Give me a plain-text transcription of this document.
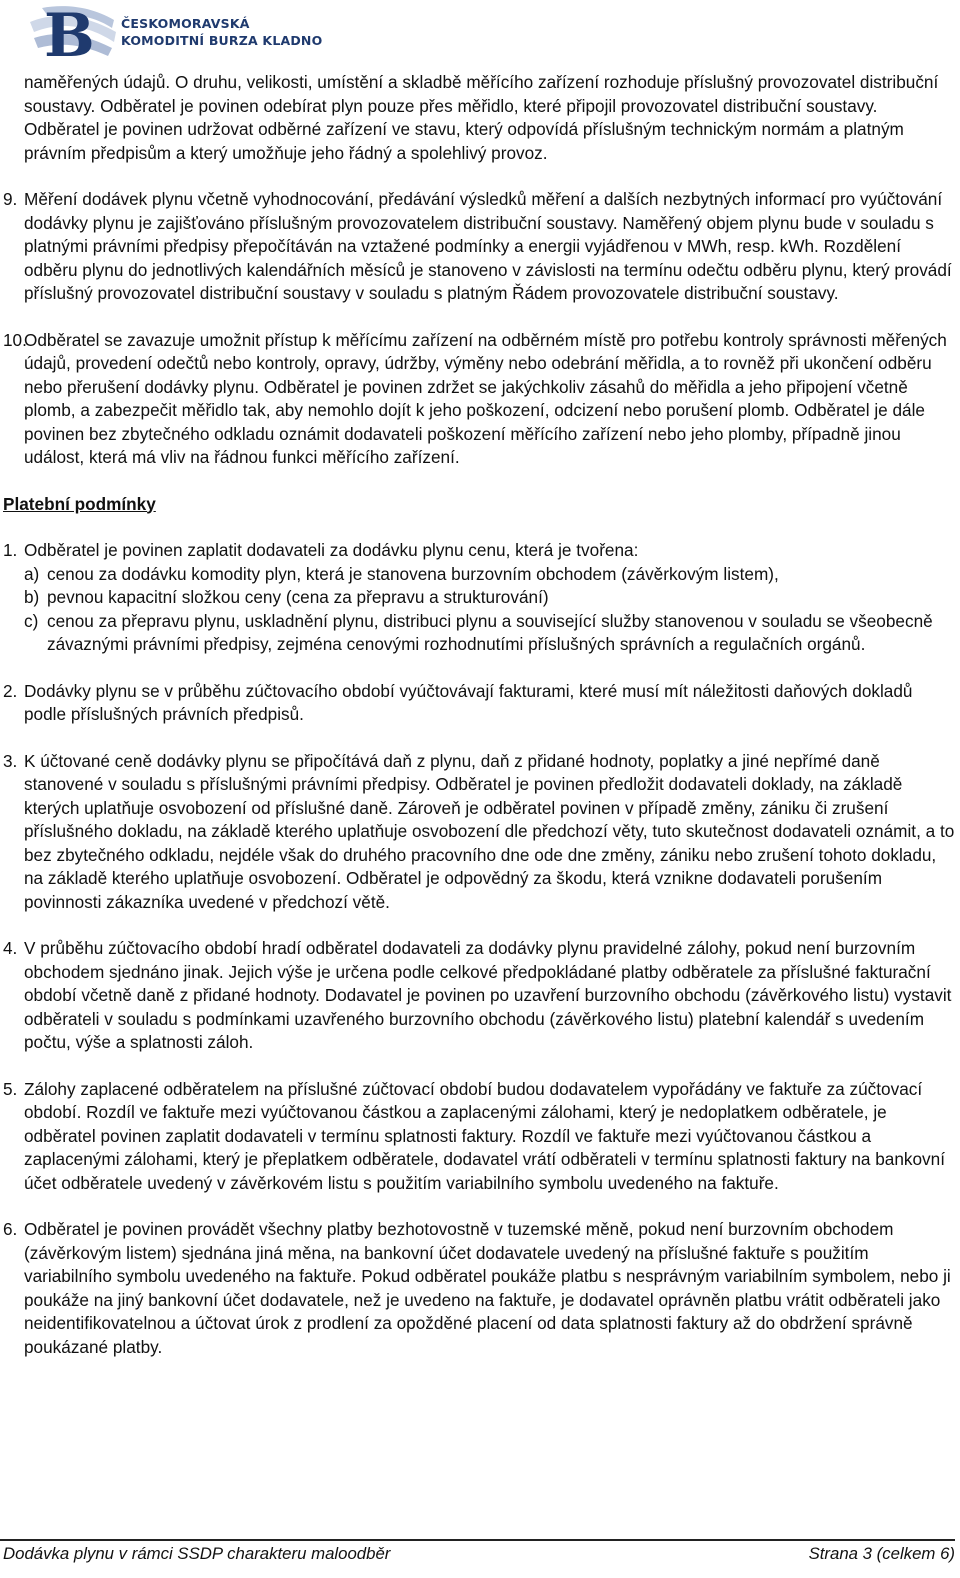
B ČESKOMORAVSKÁ
KOMODITNÍ BURZA KLADNO
naměřených údajů. O druhu, velikosti, umístění a skladbě měřícího zařízení rozhoduje příslušný provozovatel distribuční soustavy. Odběratel je povinen odebírat plyn pouze přes měřidlo, které připojil provozovatel distribuční soustavy. Odběratel je povinen udržovat odběrné zařízení ve stavu, který odpovídá příslušným technickým normám a platným právním předpisům a který umožňuje jeho řádný a spolehlivý provoz.
9. Měření dodávek plynu včetně vyhodnocování, předávání výsledků měření a dalších nezbytných informací pro vyúčtování dodávky plynu je zajišťováno příslušným provozovatelem distribuční soustavy. Naměřený objem plynu bude v souladu s platnými právními předpisy přepočítáván na vztažené podmínky a energii vyjádřenou v MWh, resp. kWh. Rozdělení odběru plynu do jednotlivých kalendářních měsíců je stanoveno v závislosti na termínu odečtu odběru plynu, který provádí příslušný provozovatel distribuční soustavy v souladu s platným Řádem provozovatele distribuční soustavy.
10.
Odběratel se zavazuje umožnit přístup k měřícímu zařízení na odběrném místě pro potřebu kontroly správnosti měřených údajů, provedení odečtů nebo kontroly, opravy, údržby, výměny nebo odebrání měřidla, a to rovněž při ukončení odběru nebo přerušení dodávky plynu. Odběratel je povinen zdržet se jakýchkoliv zásahů do měřidla a jeho připojení včetně plomb, a zabezpečit měřidlo tak, aby nemohlo dojít k jeho poškození, odcizení nebo porušení plomb. Odběratel je dále povinen bez zbytečného odkladu oznámit dodavateli poškození měřícího zařízení nebo jeho plomby, případně jinou událost, která má vliv na řádnou funkci měřícího zařízení.
Platební podmínky
1. Odběratel je povinen zaplatit dodavateli za dodávku plynu cenu, která je tvořena:
a) cenou za dodávku komodity plyn, která je stanovena burzovním obchodem (závěrkovým listem),
b) pevnou kapacitní složkou ceny (cena za přepravu a strukturování)
c) cenou za přepravu plynu, uskladnění plynu, distribuci plynu a související služby stanovenou v souladu se všeobecně závaznými právními předpisy, zejména cenovými rozhodnutími příslušných správních a regulačních orgánů.
2. Dodávky plynu se v průběhu zúčtovacího období vyúčtovávají fakturami, které musí mít náležitosti daňových dokladů podle příslušných právních předpisů.
3. K účtované ceně dodávky plynu se připočítává daň z plynu, daň z přidané hodnoty, poplatky a jiné nepřímé daně stanovené v souladu s příslušnými právními předpisy. Odběratel je povinen předložit dodavateli doklady, na základě kterých uplatňuje osvobození od příslušné daně. Zároveň je odběratel povinen v případě změny, zániku či zrušení příslušného dokladu, na základě kterého uplatňuje osvobození dle předchozí věty, tuto skutečnost dodavateli oznámit, a to bez zbytečného odkladu, nejdéle však do druhého pracovního dne ode dne změny, zániku nebo zrušení tohoto dokladu, na základě kterého uplatňuje osvobození. Odběratel je odpovědný za škodu, která vznikne dodavateli porušením povinnosti zákazníka uvedené v předchozí větě.
4. V průběhu zúčtovacího období hradí odběratel dodavateli za dodávky plynu pravidelné zálohy, pokud není burzovním obchodem sjednáno jinak. Jejich výše je určena podle celkové předpokládané platby odběratele za příslušné fakturační období včetně daně z přidané hodnoty. Dodavatel je povinen po uzavření burzovního obchodu (závěrkového listu) vystavit odběrateli v souladu s podmínkami uzavřeného burzovního obchodu (závěrkového listu) platební kalendář s uvedením počtu, výše a splatnosti záloh.
5. Zálohy zaplacené odběratelem na příslušné zúčtovací období budou dodavatelem vypořádány ve faktuře za zúčtovací období. Rozdíl ve faktuře mezi vyúčtovanou částkou a zaplacenými zálohami, který je nedoplatkem odběratele, je odběratel povinen zaplatit dodavateli v termínu splatnosti faktury. Rozdíl ve faktuře mezi vyúčtovanou částkou a zaplacenými zálohami, který je přeplatkem odběratele, dodavatel vrátí odběrateli v termínu splatnosti faktury na bankovní účet odběratele uvedený v závěrkovém listu s použitím variabilního symbolu uvedeného na faktuře.
6. Odběratel je povinen provádět všechny platby bezhotovostně v tuzemské měně, pokud není burzovním obchodem (závěrkovým listem) sjednána jiná měna, na bankovní účet dodavatele uvedený na příslušné faktuře s použitím variabilního symbolu uvedeného na faktuře. Pokud odběratel poukáže platbu s nesprávným variabilním symbolem, nebo ji poukáže na jiný bankovní účet dodavatele, než je uvedeno na faktuře, je dodavatel oprávněn platbu vrátit odběrateli jako neidentifikovatelnou a účtovat úrok z prodlení za opožděné placení od data splatnosti faktury až do obdržení správně poukázané platby.
Dodávka plynu v rámci SSDP charakteru maloodběr	Strana 3 (celkem 6)
